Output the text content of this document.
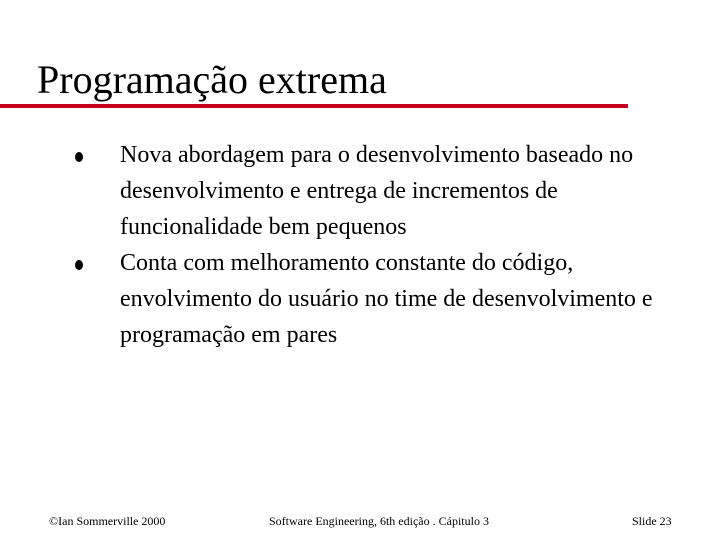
Programação extrema
Nova abordagem para o desenvolvimento baseado no desenvolvimento e entrega de incrementos de funcionalidade bem pequenos
Conta com melhoramento constante do código, envolvimento do usuário no time de desenvolvimento e programação em pares
©Ian Sommerville 2000	Software Engineering, 6th edição . Cápitulo 3	Slide 23
